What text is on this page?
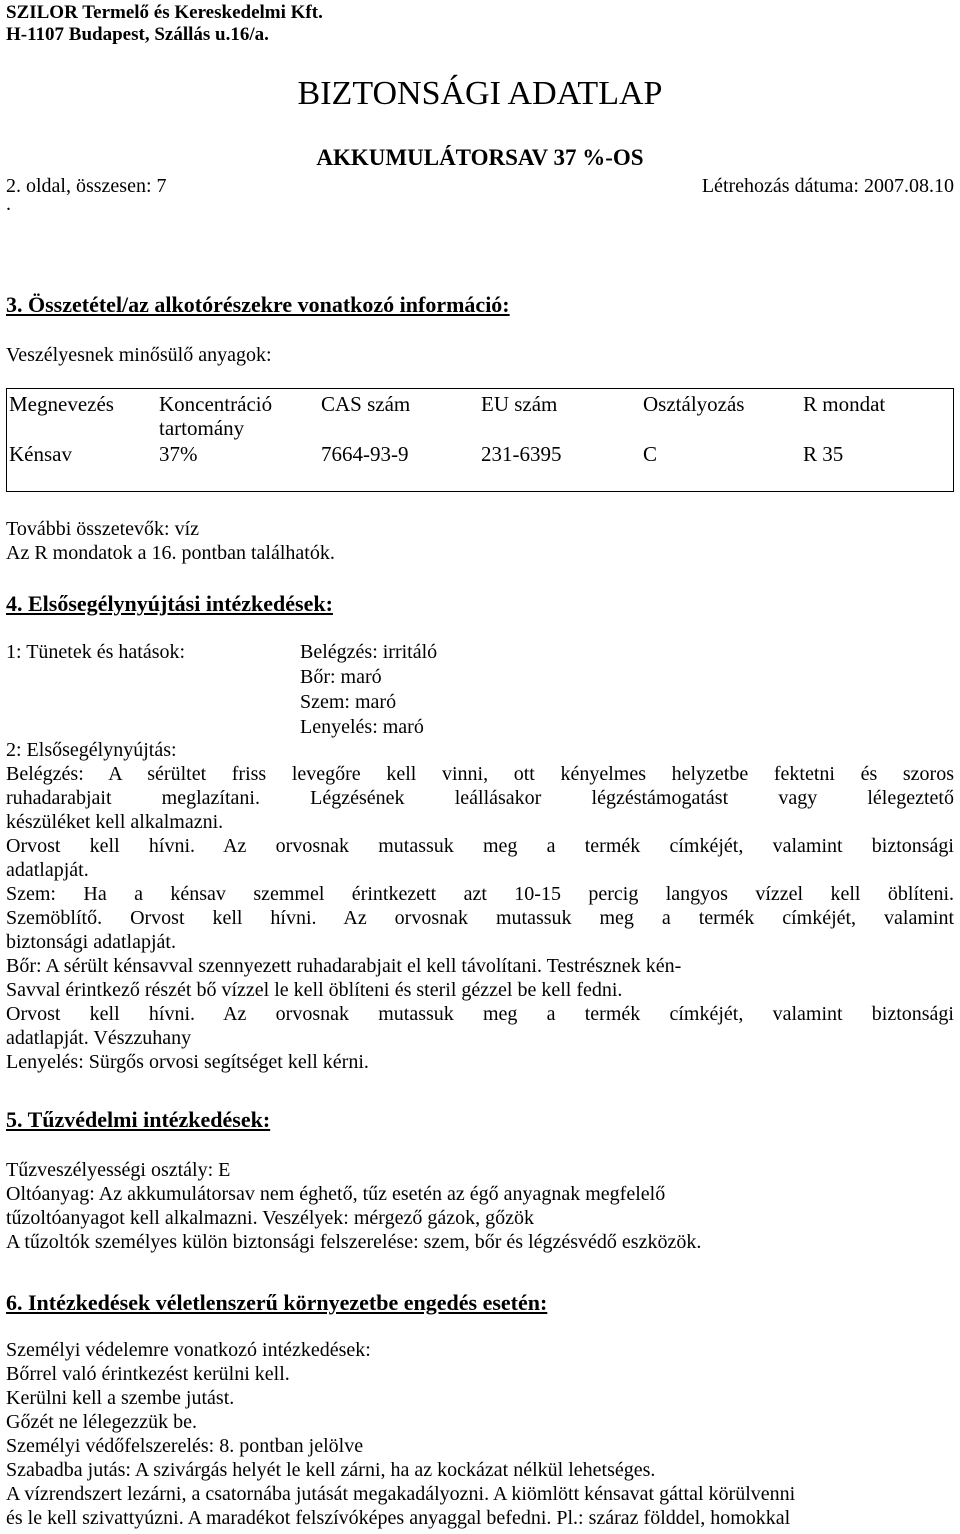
SZILOR Termelő és Kereskedelmi Kft.
H-1107 Budapest, Szállás u.16/a.
BIZTONSÁGI ADATLAP
AKKUMULÁTORSAV 37 %-OS
2. oldal, összesen: 7	Létrehozás dátuma: 2007.08.10
.
3. Összetétel/az alkotórészekre vonatkozó információ:
Veszélyesnek minősülő anyagok:
Megnevezés	Koncentráció tartomány	CAS szám	EU szám	Osztályozás	R mondat
Kénsav	37%	7664-93-9	231-6395	C	R 35
További összetevők: víz
Az R mondatok a 16. pontban találhatók.
4. Elsősegélynyújtási intézkedések:
1: Tünetek és hatások:	Belégzés: irritáló
Bőr: maró
Szem: maró
Lenyelés: maró
2: Elsősegélynyújtás:
Belégzés: A sérültet friss levegőre kell vinni, ott kényelmes helyzetbe fektetni és szoros
ruhadarabjait meglazítani. Légzésének leállásakor légzéstámogatást vagy lélegeztető
készüléket kell alkalmazni.
Orvost kell hívni. Az orvosnak mutassuk meg a termék címkéjét, valamint biztonsági
adatlapját.
Szem: Ha a kénsav szemmel érintkezett azt 10-15 percig langyos vízzel kell öblíteni.
Szemöblítő. Orvost kell hívni. Az orvosnak mutassuk meg a termék címkéjét, valamint
biztonsági adatlapját.
Bőr: A sérült kénsavval szennyezett ruhadarabjait el kell távolítani. Testrésznek kén-
Savval érintkező részét bő vízzel le kell öblíteni és steril gézzel be kell fedni.
Orvost kell hívni. Az orvosnak mutassuk meg a termék címkéjét, valamint biztonsági
adatlapját. Vészzuhany
Lenyelés: Sürgős orvosi segítséget kell kérni.
5. Tűzvédelmi intézkedések:
Tűzveszélyességi osztály: E
Oltóanyag: Az akkumulátorsav nem éghető, tűz esetén az égő anyagnak megfelelő
tűzoltóanyagot kell alkalmazni. Veszélyek: mérgező gázok, gőzök
A tűzoltók személyes külön biztonsági felszerelése: szem, bőr és légzésvédő eszközök.
6. Intézkedések véletlenszerű környezetbe engedés esetén:
Személyi védelemre vonatkozó intézkedések:
Bőrrel való érintkezést kerülni kell.
Kerülni kell a szembe jutást.
Gőzét ne lélegezzük be.
Személyi védőfelszerelés: 8. pontban jelölve
Szabadba jutás: A szivárgás helyét le kell zárni, ha az kockázat nélkül lehetséges.
A vízrendszert lezárni, a csatornába jutását megakadályozni. A kiömlött kénsavat gáttal körülvenni
és le kell szivattyúzni. A maradékot felszívóképes anyaggal befedni. Pl.: száraz földdel, homokkal
